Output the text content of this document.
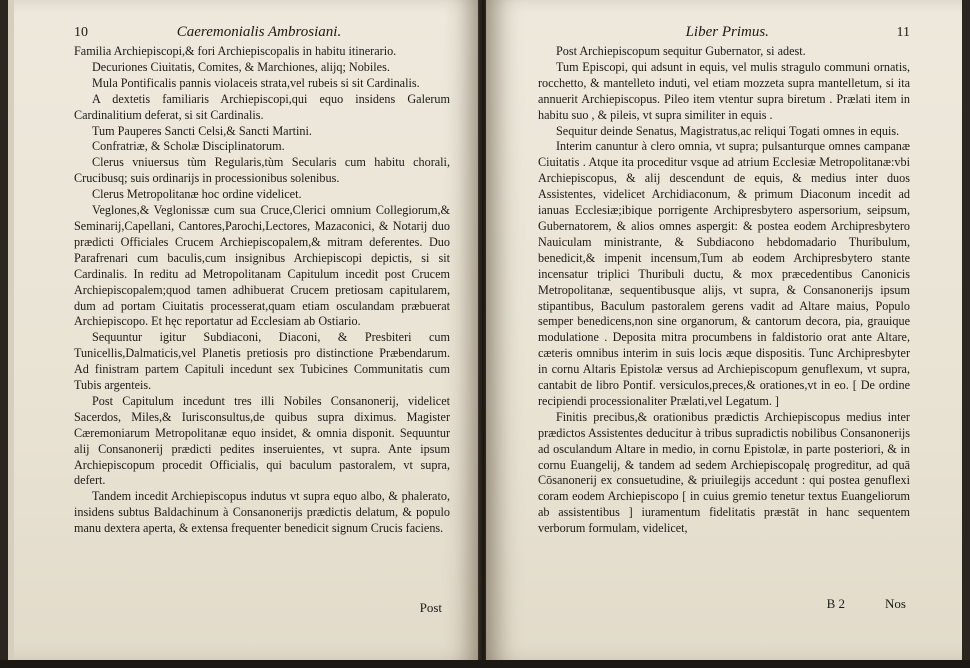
10	Caeremonialis Ambrosiani.

Familia Archiepiscopi,& fori Archiepiscopalis in habitu itinerario.

Decuriones Ciuitatis, Comites, & Marchiones, alijq; Nobiles.

Mula Pontificalis pannis violaceis strata,vel rubeis si sit Cardinalis.

A dextetis familiaris Archiepiscopi,qui equo insidens Galerum Cardinalitium deferat, si sit Cardinalis.

Tum Pauperes Sancti Celsi,& Sancti Martini.

Confratriæ, & Scholæ Disciplinatorum.

Clerus vniuersus tùm Regularis,tùm Secularis cum habitu chorali, Crucibusq; suis ordinarijs in processionibus solenibus.

Clerus Metropolitanæ hoc ordine videlicet.

Veglones,& Veglonissæ cum sua Cruce,Clerici omnium Collegiorum,& Seminarij,Capellani, Cantores,Parochi,Lectores, Mazaconici, & Notarij duo prædicti Officiales Crucem Archiepiscopalem,& mitram deferentes. Duo Parafrenari cum baculis,cum insignibus Archiepiscopi depictis, si sit Cardinalis. In reditu ad Metropolitanam Capitulum incedit post Crucem Archiepiscopalem;quod tamen adhibuerat Crucem pretiosam capitularem, dum ad portam Ciuitatis processerat,quam etiam osculandam præbuerat Archiepiscopo. Et hęc reportatur ad Ecclesiam ab Ostiario.

Sequuntur igitur Subdiaconi, Diaconi, & Presbiteri cum Tunicellis,Dalmaticis,vel Planetis pretiosis pro distinctione Præbendarum. Ad finistram partem Capituli incedunt sex Tubicines Communitatis cum Tubis argenteis.

Post Capitulum incedunt tres illi Nobiles Consanonerij, videlicet Sacerdos, Miles,& Iurisconsultus,de quibus supra diximus. Magister Cæremoniarum Metropolitanæ equo insidet, & omnia disponit. Sequuntur alij Consanonerij prædicti pedites inseruientes, vt supra. Ante ipsum Archiepiscopum procedit Officialis, qui baculum pastoralem, vt supra, defert.

Tandem incedit Archiepiscopus indutus vt supra equo albo, & phalerato, insidens subtus Baldachinum à Consanonerijs prædictis delatum, & populo manu dextera aperta, & extensa frequenter benedicit signum Crucis faciens.

Post
Liber Primus.	11

Post Archiepiscopum sequitur Gubernator, si adest.

Tum Episcopi, qui adsunt in equis, vel mulis stragulo communi ornatis, rocchetto, & mantelleto induti, vel etiam mozzeta supra mantelletum, si ita annuerit Archiepiscopus. Pileo item vtentur supra biretum . Prælati item in habitu suo , & pileis, vt supra similiter in equis .

Sequitur deinde Senatus, Magistratus,ac reliqui Togati omnes in equis.

Interim canuntur à clero omnia, vt supra; pulsanturque omnes campanæ Ciuitatis . Atque ita proceditur vsque ad atrium Ecclesiæ Metropolitanæ:vbi Archiepiscopus, & alij descendunt de equis, & medius inter duos Assistentes, videlicet Archidiaconum, & primum Diaconum incedit ad ianuas Ecclesiæ;ibique porrigente Archipresbytero aspersorium, seipsum, Gubernatorem, & alios omnes aspergit: & postea eodem Archipresbytero Nauiculam ministrante, & Subdiacono hebdomadario Thuribulum, benedicit,& impenit incensum,Tum ab eodem Archipresbytero stante incensatur triplici Thuribuli ductu, & mox præcedentibus Canonicis Metropolitanæ, sequentibusque alijs, vt supra, & Consanonerijs ipsum stipantibus, Baculum pastoralem gerens vadit ad Altare maius, Populo semper benedicens,non sine organorum, & cantorum decora, pia, grauique modulatione . Deposita mitra procumbens in faldistorio orat ante Altare, cæteris omnibus interim in suis locis æque dispositis. Tunc Archipresbyter in cornu Altaris Epistolæ versus ad Archiepiscopum genuflexum, vt supra, cantabit de libro Pontif. versiculos,preces,& orationes,vt in eo. [ De ordine recipiendi processionaliter Prælati,vel Legatum. ]

Finitis precibus,& orationibus prædictis Archiepiscopus medius inter prædictos Assistentes deducitur à tribus supradictis nobilibus Consanonerijs ad osculandum Altare in medio, in cornu Epistolæ, in parte posteriori, & in cornu Euangelij, & tandem ad sedem Archiepiscopalę progreditur, ad quā Cōsanonerij ex consuetudine, & priuilegijs accedunt : qui postea genuflexi coram eodem Archiepiscopo [ in cuius gremio tenetur textus Euangeliorum ab assistentibus ] iuramentum fidelitatis præstāt in hanc sequentem verborum formulam, videlicet,

B 2	Nos
